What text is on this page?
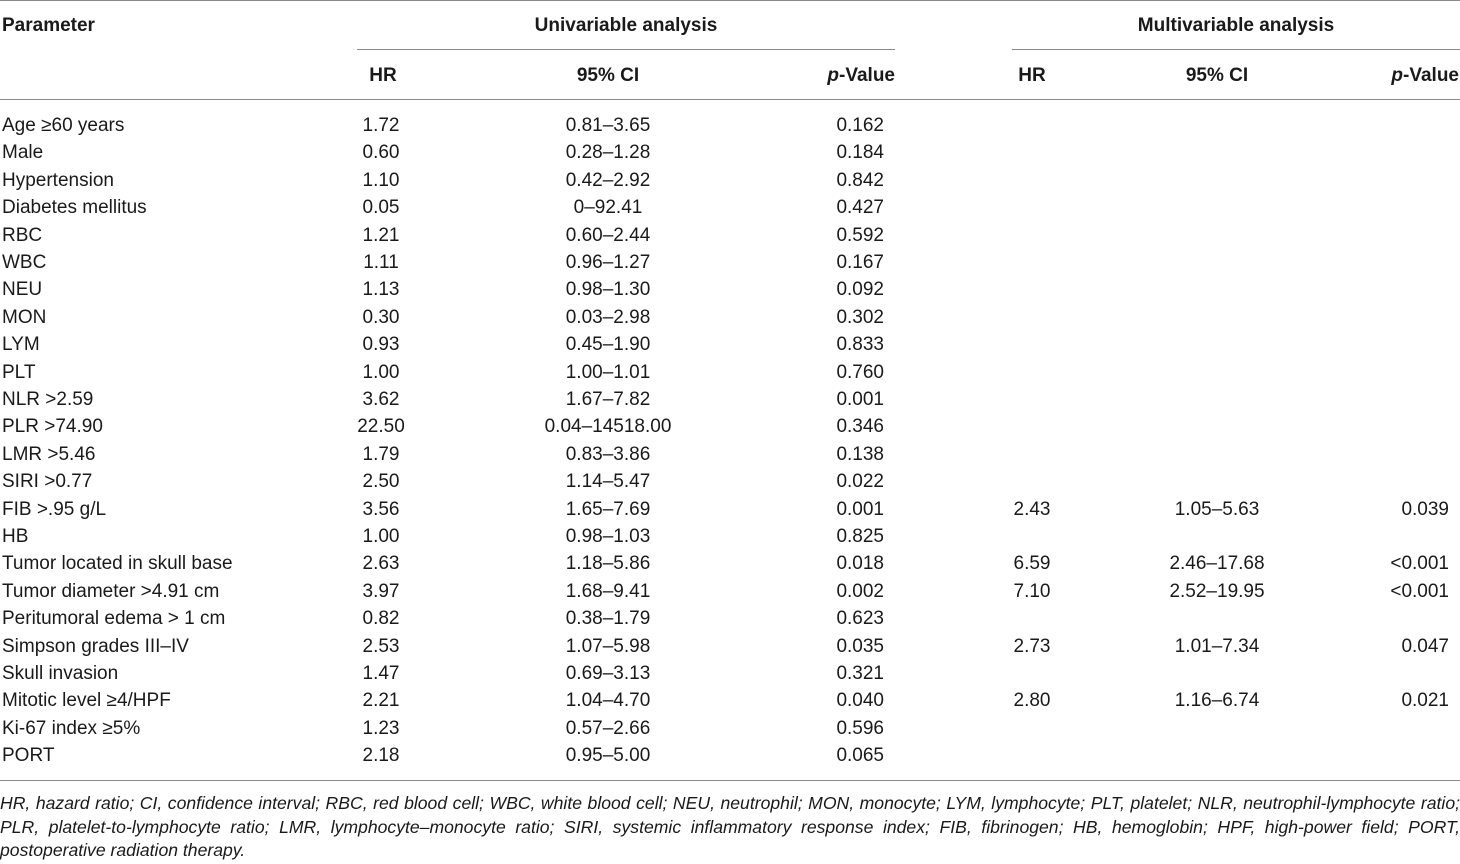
Parameter	Univariable analysis	Multivariable analysis
HR	95% CI	p-Value	HR	95% CI	p-Value
Age ≥60 years	1.72	0.81–3.65	0.162
Male	0.60	0.28–1.28	0.184
Hypertension	1.10	0.42–2.92	0.842
Diabetes mellitus	0.05	0–92.41	0.427
RBC	1.21	0.60–2.44	0.592
WBC	1.11	0.96–1.27	0.167
NEU	1.13	0.98–1.30	0.092
MON	0.30	0.03–2.98	0.302
LYM	0.93	0.45–1.90	0.833
PLT	1.00	1.00–1.01	0.760
NLR >2.59	3.62	1.67–7.82	0.001
PLR >74.90	22.50	0.04–14518.00	0.346
LMR >5.46	1.79	0.83–3.86	0.138
SIRI >0.77	2.50	1.14–5.47	0.022
FIB >.95 g/L	3.56	1.65–7.69	0.001	2.43	1.05–5.63	0.039
HB	1.00	0.98–1.03	0.825
Tumor located in skull base	2.63	1.18–5.86	0.018	6.59	2.46–17.68	<0.001
Tumor diameter >4.91 cm	3.97	1.68–9.41	0.002	7.10	2.52–19.95	<0.001
Peritumoral edema > 1 cm	0.82	0.38–1.79	0.623
Simpson grades III–IV	2.53	1.07–5.98	0.035	2.73	1.01–7.34	0.047
Skull invasion	1.47	0.69–3.13	0.321
Mitotic level ≥4/HPF	2.21	1.04–4.70	0.040	2.80	1.16–6.74	0.021
Ki-67 index ≥5%	1.23	0.57–2.66	0.596
PORT	2.18	0.95–5.00	0.065
HR, hazard ratio; CI, confidence interval; RBC, red blood cell; WBC, white blood cell; NEU, neutrophil; MON, monocyte; LYM, lymphocyte; PLT, platelet; NLR, neutrophil-lymphocyte ratio; PLR, platelet-to-lymphocyte ratio; LMR, lymphocyte–monocyte ratio; SIRI, systemic inflammatory response index; FIB, fibrinogen; HB, hemoglobin; HPF, high-power field; PORT, postoperative radiation therapy.
